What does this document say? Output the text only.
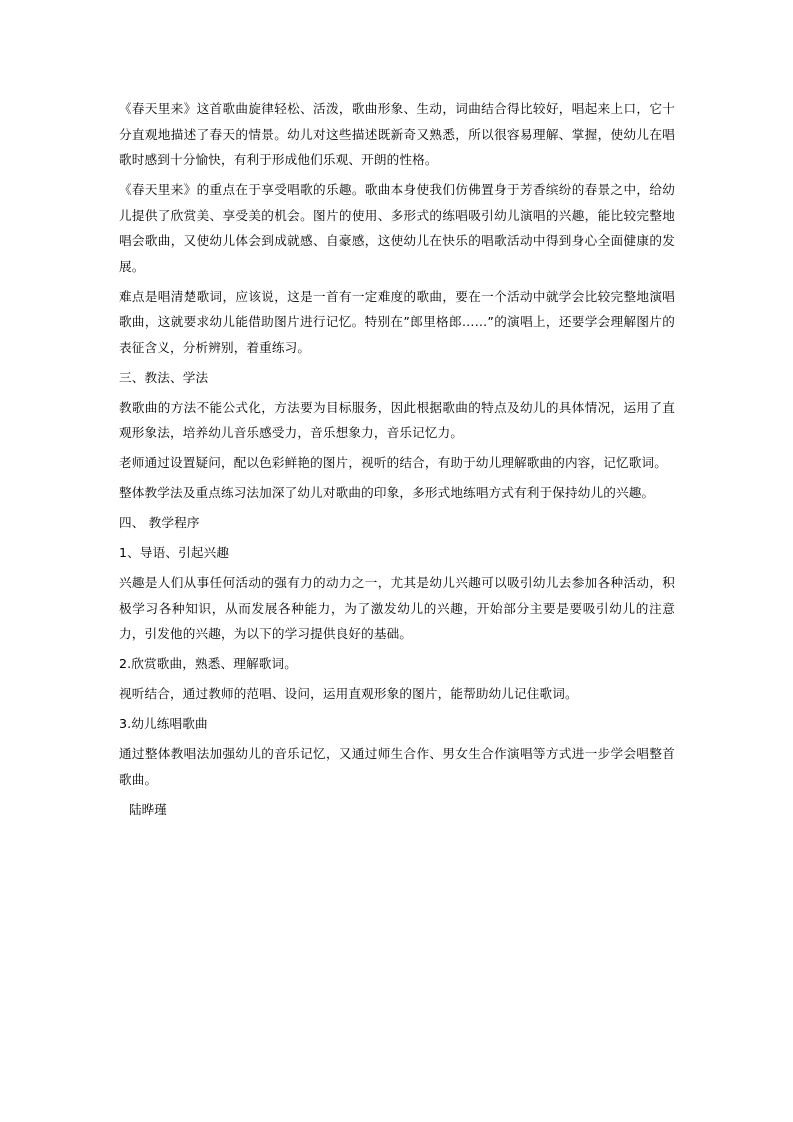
《春天里来》这首歌曲旋律轻松、活泼，歌曲形象、生动，词曲结合得比较好，唱起来上口，它十分直观地描述了春天的情景。幼儿对这些描述既新奇又熟悉，所以很容易理解、掌握，使幼儿在唱歌时感到十分愉快，有利于形成他们乐观、开朗的性格。

《春天里来》的重点在于享受唱歌的乐趣。歌曲本身使我们仿佛置身于芳香缤纷的春景之中，给幼儿提供了欣赏美、享受美的机会。图片的使用、多形式的练唱吸引幼儿演唱的兴趣，能比较完整地唱会歌曲，又使幼儿体会到成就感、自豪感，这使幼儿在快乐的唱歌活动中得到身心全面健康的发展。

难点是唱清楚歌词，应该说，这是一首有一定难度的歌曲，要在一个活动中就学会比较完整地演唱歌曲，这就要求幼儿能借助图片进行记忆。特别在”郎里格郎……”的演唱上，还要学会理解图片的表征含义，分析辨别，着重练习。

三、教法、学法

教歌曲的方法不能公式化，方法要为目标服务，因此根据歌曲的特点及幼儿的具体情况，运用了直观形象法，培养幼儿音乐感受力，音乐想象力，音乐记忆力。

老师通过设置疑问，配以色彩鲜艳的图片，视听的结合，有助于幼儿理解歌曲的内容，记忆歌词。

整体教学法及重点练习法加深了幼儿对歌曲的印象，多形式地练唱方式有利于保持幼儿的兴趣。

四、 教学程序

1、导语、引起兴趣

兴趣是人们从事任何活动的强有力的动力之一，尤其是幼儿兴趣可以吸引幼儿去参加各种活动，积极学习各种知识，从而发展各种能力，为了激发幼儿的兴趣，开始部分主要是要吸引幼儿的注意力，引发他的兴趣，为以下的学习提供良好的基础。

2.欣赏歌曲，熟悉、理解歌词。

视听结合，通过教师的范唱、设问，运用直观形象的图片，能帮助幼儿记住歌词。

3.幼儿练唱歌曲

通过整体教唱法加强幼儿的音乐记忆，又通过师生合作、男女生合作演唱等方式进一步学会唱整首歌曲。

陆晔瑾
